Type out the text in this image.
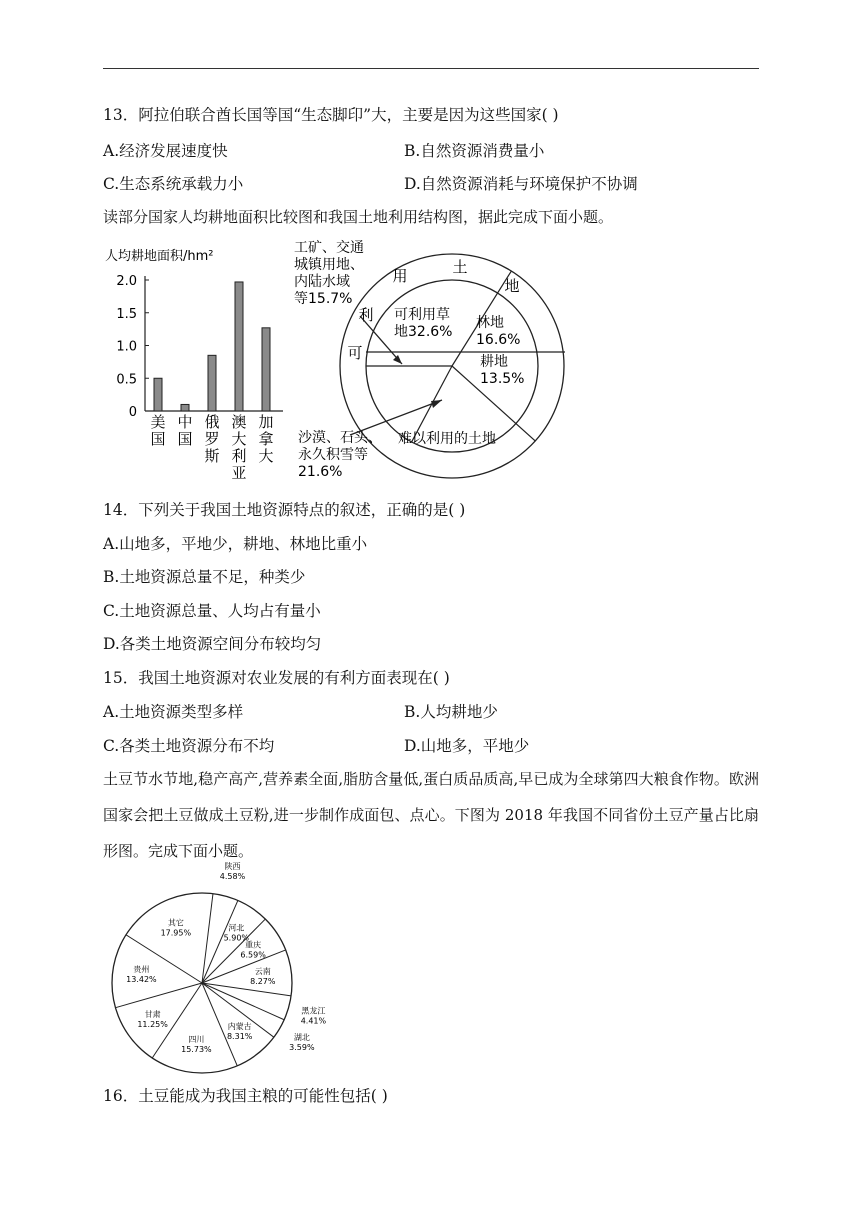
13．阿拉伯联合酋长国等国“生态脚印”大，主要是因为这些国家( )
A.经济发展速度快	B.自然资源消费量小
C.生态系统承载力小	D.自然资源消耗与环境保护不协调
读部分国家人均耕地面积比较图和我国土地利用结构图，据此完成下面小题。
人均耕地面积/hm²
0
0.5
1.0
1.5
2.0
美
国
中
国
俄
罗
斯
澳
大
利
亚
加
拿
大
用	土
地
利
可
可利用草
地32.6%
林地
16.6%
耕地
13.5%
沙漠、石头、
永久积雪等
21.6%
工矿、交通
城镇用地、
内陆水域
等15.7%
难以利用的土地
14．下列关于我国土地资源特点的叙述，正确的是( )
A.山地多，平地少，耕地、林地比重小
B.土地资源总量不足，种类少
C.土地资源总量、人均占有量小
D.各类土地资源空间分布较均匀
15．我国土地资源对农业发展的有利方面表现在( )
A.土地资源类型多样	B.人均耕地少
C.各类土地资源分布不均	D.山地多，平地少
土豆节水节地,稳产高产,营养素全面,脂肪含量低,蛋白质品质高,早已成为全球第四大粮食作物。欧洲国家会把土豆做成土豆粉,进一步制作成面包、点心。下图为 2018 年我国不同省份土豆产量占比扇形图。完成下面小题。
陕西
4.58%
河北
5.90%
重庆
6.59%
云南
8.27%
黑龙江
4.41%
湖北
3.59%
内蒙古
8.31%
四川
15.73%
甘肃
11.25%
贵州
13.42%
其它
17.95%
16．土豆能成为我国主粮的可能性包括( )
